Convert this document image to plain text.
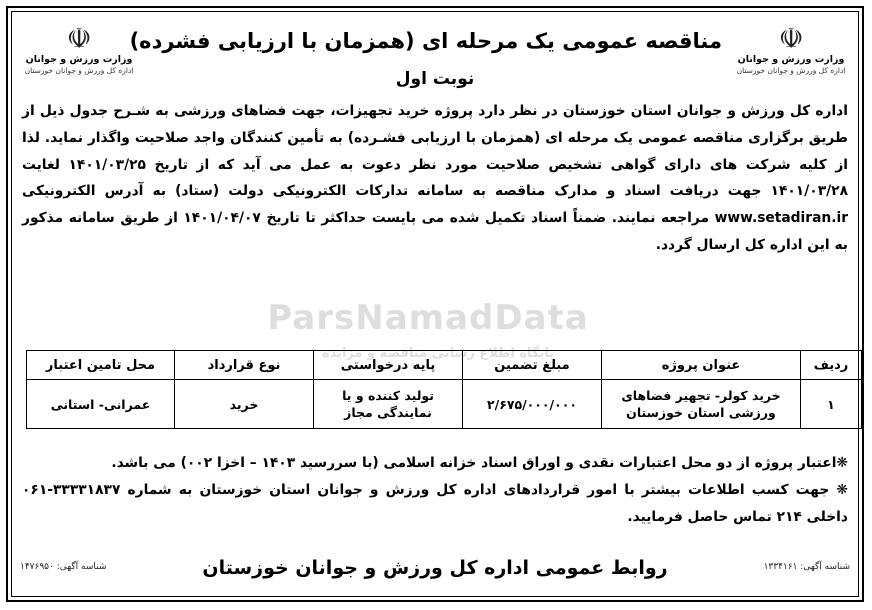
☫
وزارت ورزش و جوانان
اداره کل ورزش و جوانان خوزستان
☫
وزارت ورزش و جوانان
اداره کل ورزش و جوانان خوزستان
مناقصه عمومی یک مرحله ای (همزمان با ارزیابی فشرده)
نوبت اول
ParsNamadData
پایگاه اطلاع رسانی مناقصه و مزایده
اداره کل ورزش و جوانان استان خوزستان در نظر دارد پروژه خرید تجهیزات، جهت فضاهای ورزشی به شـرح جدول ذیل از طریق برگزاری مناقصه عمومی یک مرحله ای (همزمان با ارزیابی فشـرده) به تأمین کنندگان واجد صلاحیت واگذار نماید. لذا از کلیه شرکت های دارای گواهی تشخیص صلاحیت مورد نظر دعوت به عمل می آید که از تاریخ ۱۴۰۱/۰۳/۲۵ لغایت ۱۴۰۱/۰۳/۲۸ جهت دریافت اسناد و مدارک مناقصه به سامانه تدارکات الکترونیکی دولت (ستاد) به آدرس الکترونیکی www.setadiran.ir مراجعه نمایند. ضمناً اسناد تکمیل شده می بایست حداکثر تا تاریخ ۱۴۰۱/۰۴/۰۷ از طریق سامانه مذکور به این اداره کل ارسال گردد.
ردیف	عنوان پروژه	مبلغ تضمین	پایه درخواستی	نوع قرارداد	محل تامین اعتبار
۱	خرید کولر- تجهیر فضاهای ورزشی استان خوزستان	۲/۶۷۵/۰۰۰/۰۰۰	تولید کننده و یا نمایندگی مجاز	خرید	عمرانی- استانی
❋اعتبار پروژه از دو محل اعتبارات نقدی و اوراق اسناد خزانه اسلامی (با سررسید ۱۴۰۳ – اخزا ۰۰۲) می باشد.
❋ جهت کسب اطلاعات بیشتر با امور قراردادهای اداره کل ورزش و جوانان استان خوزستان به شماره ۳۳۳۳۱۸۳۷-۰۶۱ داخلی ۲۱۴ تماس حاصل فرمایید.
شناسه آگهی: ۱۳۳۴۱۶۱
روابط عمومی اداره کل ورزش و جوانان خوزستان
شناسه آگهی: ۱۴۷۶۹۵۰
